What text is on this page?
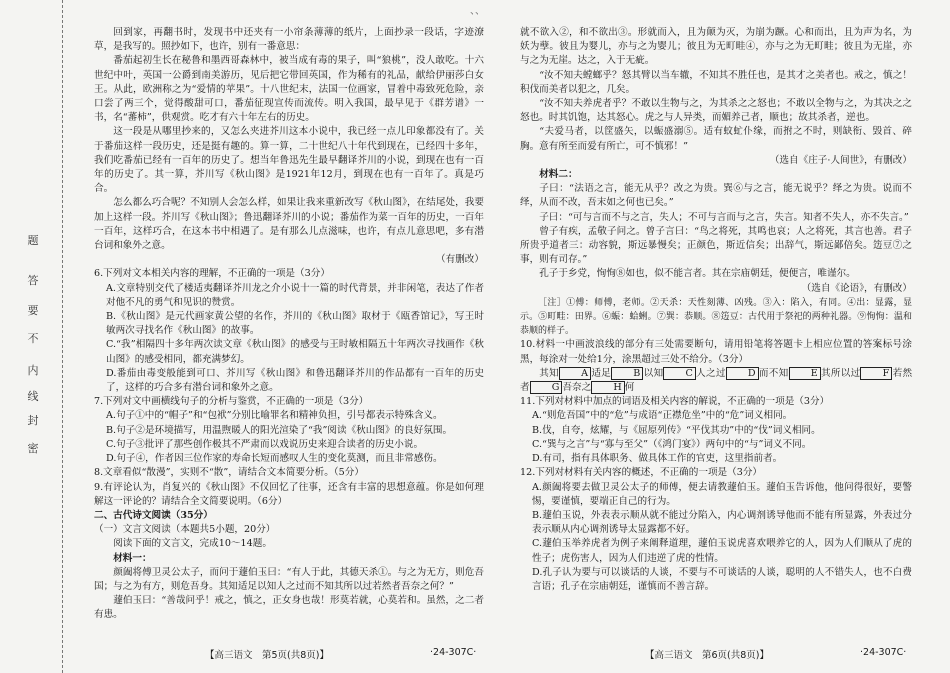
、、
题
答
要
不
内
线
封
密

回到家，再翻书时，发现书中还夹有一小帘条薄薄的纸片，上面抄录一段话，字迹潦草，是我写的。照抄如下，也许，别有一番意思：

番茄起初生长在秘鲁和墨西哥森林中，被当成有毒的果子，叫“狼桃”，没人敢吃。十六世纪中叶，英国一公爵到南美游历，见后把它带回英国，作为稀有的礼品，献给伊丽莎白女王。从此，欧洲称之为“爱情的苹果”。十八世纪末，法国一位画家，冒着中毒致死危险，亲口尝了两三个，觉得酸甜可口，番茄征现宣传而流传。明入我国，最早见于《群芳谱》一书，名“蕃柿”，供观赏。吃才有六十年左右的历史。

这一段是从哪里抄来的，又怎么夹进芥川这本小说中，我已经一点儿印象都没有了。关于番茄这样一段历史，还是挺有趣的。算一算，二十世纪八十年代到现在，已经四十多年，我们吃番茄已经有一百年的历史了。想当年鲁迅先生最早翻译芥川的小说，到现在也有一百年的历史了。其一算，芥川写《秋山图》是1921年12月，到现在也有一百年了。真是巧合。

怎么都么巧合呢？不知别人会怎么样，如果让我来重新改写《秋山图》，在结尾处，我要加上这样一段。芥川写《秋山图》；鲁迅翻译芥川的小说；番茄作为菜一百年的历史，一百年一百年，这样巧合，在这本书中相遇了。是有那么儿点滋味，也许，有点儿意思吧，多有潜台词和象外之意。

（有删改）

6.下列对文本相关内容的理解，不正确的一项是（3分）

A.文章特别交代了楼适夷翻译芥川龙之介小说十一篇的时代背景，并非闲笔，表达了作者对他不凡的勇气和见识的赞赏。

B.《秋山图》是元代画家黄公望的名作，芥川的《秋山图》取材于《瓯香馆记》，写王时敏两次寻找名作《秋山图》的故事。

C.“我”相隔四十多年两次读文章《秋山图》的感受与王时敏相隔五十年两次寻找画作《秋山图》的感受相同，都充满梦幻。

D.番茄由毒变般能到可口、芥川写《秋山图》和鲁迅翻译芥川的作品都有一百年的历史了，这样的巧合多有潜台词和象外之意。

7.下列对文中画横线句子的分析与鉴赏，不正确的一项是（3分）

A.句子①中的“帽子”和“包袱”分别比喻罪名和精神负担，引号都表示特殊含义。

B.句子②是环境描写，用温煦暖人的阳光渲染了“我”阅读《秋山图》的良好氛围。

C.句子③批评了那些创作极其不严肃而以戏说历史来迎合读者的历史小说。

D.句子④，作者因三位作家的寿命长短而感叹人生的变化莫测，而且非常感伤。

8.文章看似“散漫”，实则不“散”，请结合文本简要分析。（5分）

9.有评论认为，肖复兴的《秋山图》不仅回忆了往事，还含有丰富的思想意蕴。你是如何理解这一评论的？请结合全文简要说明。（6分）

二、古代诗文阅读（35分）

（一）文言文阅读（本题共5小题，20分）

阅读下面的文言文，完成10～14题。

材料一：

颜阖将傅卫灵公太子，而问于蘧伯玉曰：“有人于此，其德天杀①。与之为无方，则危吾国；与之为有方，则危吾身。其知适足以知人之过而不知其所以过若然者吾奈之何？”

蘧伯玉曰：“善哉问乎！戒之，慎之，正女身也哉！形莫若就，心莫若和。虽然，之二者有患。

就不欲入②，和不欲出③。形就而入，且为颠为灭，为崩为蹶。心和而出，且为声为名，为妖为孽。彼且为婴儿，亦与之为婴儿；彼且为无町畦④，亦与之为无町畦；彼且为无崖，亦与之为无崖。达之，入于无疵。

“汝不知夫螳螂乎？怒其臂以当车辙，不知其不胜任也，是其才之美者也。戒之，慎之！积伐而美者以犯之，几矣。

“汝不知夫养虎者乎？不敢以生物与之，为其杀之之怒也；不敢以全物与之，为其决之之怒也。时其饥饱，达其怒心。虎之与人异类，而媚养己者，顺也；故其杀者，逆也。

“夫爱马者，以筐盛矢，以蜄盛溺⑤。适有蚊虻仆缘，而拊之不时，则缺衔、毁首、碎胸。意有所至而爱有所亡，可不慎邪！”

（选自《庄子·人间世》，有删改）

材料二：

子曰：“法语之言，能无从乎？改之为贵。巽⑥与之言，能无说乎？绎之为贵。说而不绎，从而不改，吾末如之何也已矣。”

子曰：“可与言而不与之言，失人；不可与言而与之言，失言。知者不失人，亦不失言。”

曾子有疾，孟敬子问之。曾子言曰：“鸟之将死，其鸣也哀；人之将死，其言也善。君子所贵乎道者三：动容貌，斯远暴慢矣；正颜色，斯近信矣；出辞气，斯远鄙倍矣。笾豆⑦之事，则有司存。”

孔子于乡党，恂恂⑧如也，似不能言者。其在宗庙朝廷，便便言，唯谨尔。

（选自《论语》，有删改）

［注］①傅：师傅，老师。②天杀：天性刻薄、凶残。③入：陷入，有同。④出：显露，显示。⑤町畦：田界。⑥蜄：蛤蜊。⑦巽：恭顺。⑧笾豆：古代用于祭祀的两种礼器。⑨恂恂：温和恭顺的样子。

10.材料一中画波浪线的部分有三处需要断句，请用铅笔将答题卡上相应位置的答案标号涂黑，每涂对一处给1分，涂黑超过三处不给分。（3分）

其知 A 适足 B 以知 C 人之过 D 而不知 E 其所以过 F 若然者 G 吾奈之 H 何

11.下列对材料中加点的词语及相关内容的解说，不正确的一项是（3分）

A.“则危吾国”中的“危”与成语“正襟危坐”中的“危”词义相同。

B.伐，自夸，炫耀，与《屈原列传》“平伐其功”中的“伐”词义相同。

C.“巽与之言”与“寡与至父”（《鸿门宴》）两句中的“与”词义不同。

D.有司，指有具体职务、做具体工作的官吏，这里指前者。

12.下列对材料有关内容的概述，不正确的一项是（3分）

A.颜阖将要去做卫灵公太子的师傅，便去请教蘧伯玉。蘧伯玉告诉他，他问得很好，要警惕，要谨慎，要端正自己的行为。

B.蘧伯玉说，外表表示顺从就不能过分陷入，内心调剂诱导他而不能有所显露，外表过分表示顺从内心调剂诱导太显露都不好。

C.蘧伯玉举养虎者为例子来阐释道理，蘧伯玉说虎喜欢喂养它的人，因为人们顺从了虎的性子；虎伤害人，因为人们违逆了虎的性情。

D.孔子认为要与可以谈话的人谈，不要与不可谈话的人谈，聪明的人不错失人，也不白费言语；孔子在宗庙朝廷，谨慎而不善言辞。

【高三语文　第5页(共8页)】	·24-307C·	【高三语文　第6页(共8页)】	·24-307C·
